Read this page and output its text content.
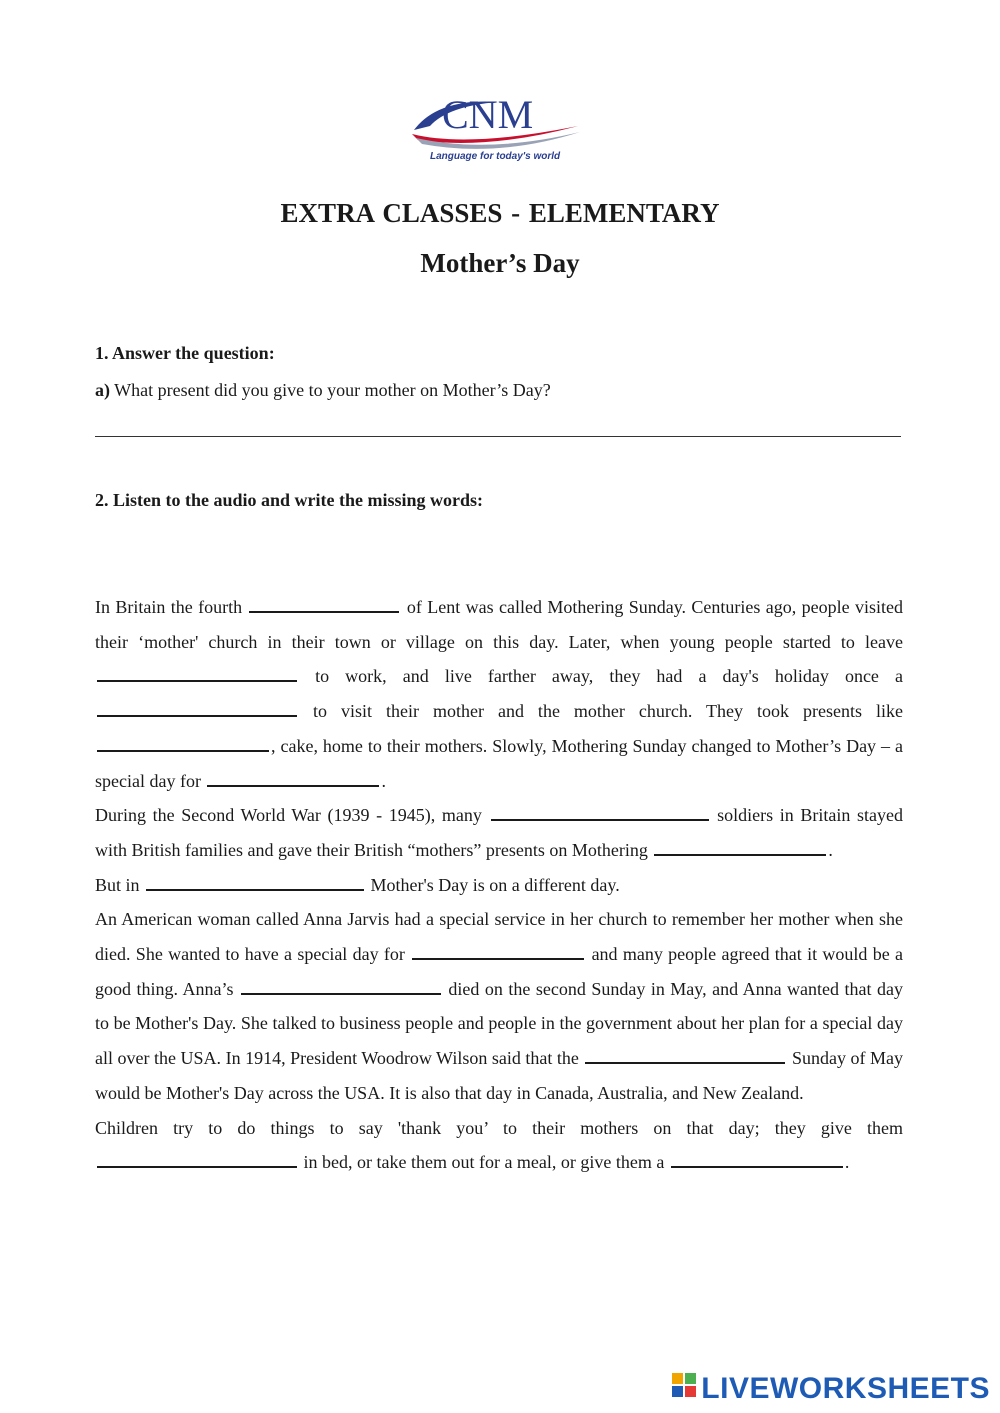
CNM
Language for today's world
EXTRA CLASSES - ELEMENTARY
Mother’s Day
1. Answer the question:
a) What present did you give to your mother on Mother’s Day?
2. Listen to the audio and write the missing words:

In Britain the fourth	of Lent was called Mothering Sunday. Centuries ago, people visited their ‘mother' church in their town or village on this day. Later, when young people started to leave  to work, and live farther away, they had a day's holiday once a  to visit their mother and the mother church. They took presents like , cake, home to their mothers. Slowly, Mothering Sunday changed to Mother’s Day – a special day for	.

During the Second World War (1939 - 1945), many	soldiers in Britain stayed with British families and gave their British “mothers” presents on Mothering	.

But in	Mother's Day is on a different day.

An American woman called Anna Jarvis had a special service in her church to remember her mother when she died. She wanted to have a special day for	and many people agreed that it would be a good thing. Anna’s	died on the second Sunday in May, and Anna wanted that day to be Mother's Day. She talked to business people and people in the government about her plan for a special day all over the USA. In 1914, President Woodrow Wilson said that the	Sunday of May would be Mother's Day across the USA. It is also that day in Canada, Australia, and New Zealand.

Children try to do things to say 'thank you’ to their mothers on that day; they give them  in bed, or take them out for a meal, or give them a	.

LIVEWORKSHEETS
